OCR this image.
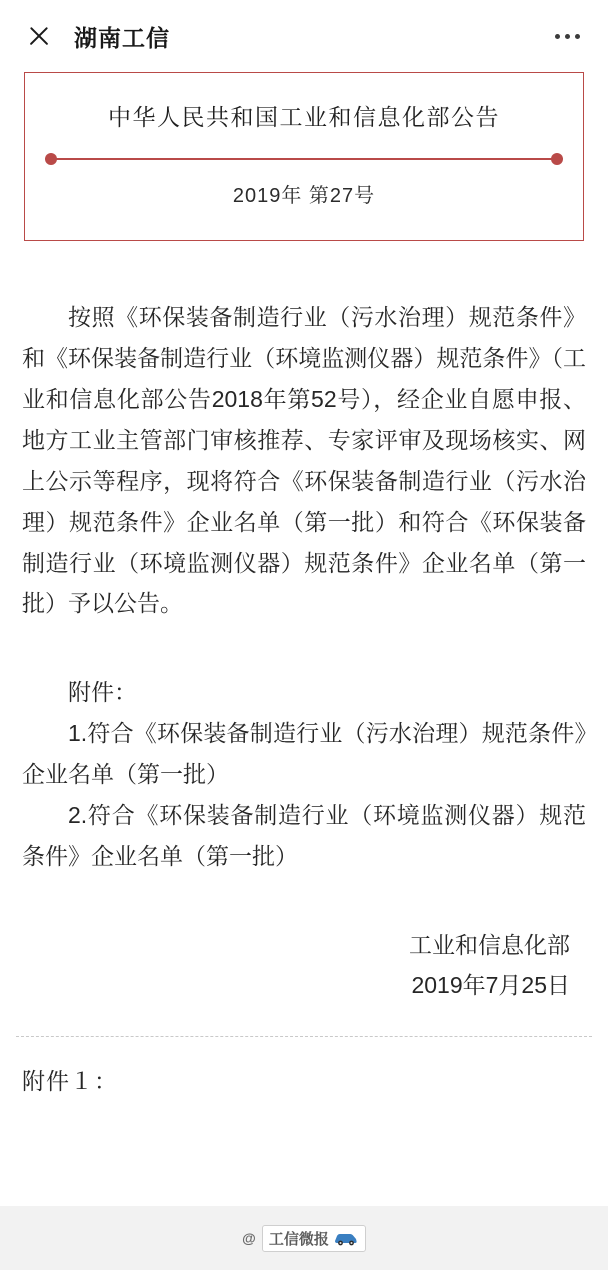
湖南工信
中华人民共和国工业和信息化部公告
2019年 第27号

按照《环保装备制造行业（污水治理）规范条件》和《环保装备制造行业（环境监测仪器）规范条件》（工业和信息化部公告2018年第52号），经企业自愿申报、地方工业主管部门审核推荐、专家评审及现场核实、网上公示等程序，现将符合《环保装备制造行业（污水治理）规范条件》企业名单（第一批）和符合《环保装备制造行业（环境监测仪器）规范条件》企业名单（第一批）予以公告。

附件：

1.符合《环保装备制造行业（污水治理）规范条件》企业名单（第一批）

2.符合《环保装备制造行业（环境监测仪器）规范条件》企业名单（第一批）

工业和信息化部
2019年7月25日
附件１：
@ 工信微报
